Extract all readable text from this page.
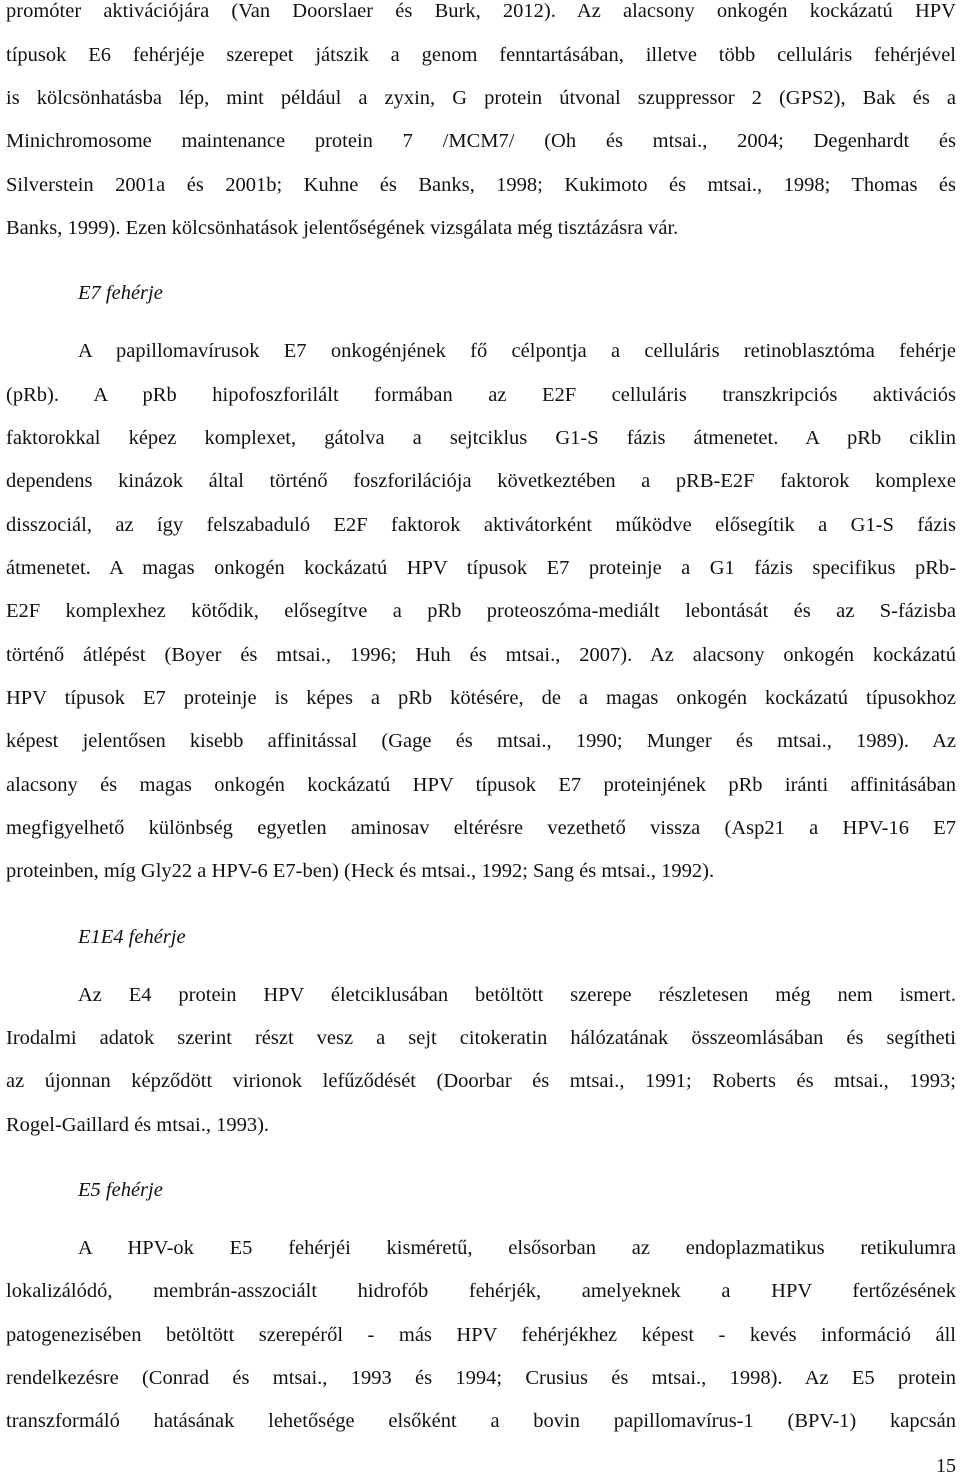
promóter aktivációjára (Van Doorslaer és Burk, 2012). Az alacsony onkogén kockázatú HPV
típusok E6 fehérjéje szerepet játszik a genom fenntartásában, illetve több celluláris fehérjével
is kölcsönhatásba lép, mint például a zyxin, G protein útvonal szuppressor 2 (GPS2), Bak és a
Minichromosome maintenance protein 7 /MCM7/ (Oh és mtsai., 2004; Degenhardt és
Silverstein 2001a és 2001b; Kuhne és Banks, 1998; Kukimoto és mtsai., 1998; Thomas és
Banks, 1999). Ezen kölcsönhatások jelentőségének vizsgálata még tisztázásra vár.
E7 fehérje
A papillomavírusok E7 onkogénjének fő célpontja a celluláris retinoblasztóma fehérje
(pRb). A pRb hipofoszforilált formában az E2F celluláris transzkripciós aktivációs
faktorokkal képez komplexet, gátolva a sejtciklus G1-S fázis átmenetet. A pRb ciklin
dependens kinázok által történő foszforilációja következtében a pRB-E2F faktorok komplexe
disszociál, az így felszabaduló E2F faktorok aktivátorként működve elősegítik a G1-S fázis
átmenetet. A magas onkogén kockázatú HPV típusok E7 proteinje a G1 fázis specifikus pRb-
E2F komplexhez kötődik, elősegítve a pRb proteoszóma-mediált lebontását és az S-fázisba
történő átlépést (Boyer és mtsai., 1996; Huh és mtsai., 2007). Az alacsony onkogén kockázatú
HPV típusok E7 proteinje is képes a pRb kötésére, de a magas onkogén kockázatú típusokhoz
képest jelentősen kisebb affinitással (Gage és mtsai., 1990; Munger és mtsai., 1989). Az
alacsony és magas onkogén kockázatú HPV típusok E7 proteinjének pRb iránti affinitásában
megfigyelhető különbség egyetlen aminosav eltérésre vezethető vissza (Asp21 a HPV-16 E7
proteinben, míg Gly22 a HPV-6 E7-ben) (Heck és mtsai., 1992; Sang és mtsai., 1992).
E1E4 fehérje
Az E4 protein HPV életciklusában betöltött szerepe részletesen még nem ismert.
Irodalmi adatok szerint részt vesz a sejt citokeratin hálózatának összeomlásában és segítheti
az újonnan képződött virionok lefűződését (Doorbar és mtsai., 1991; Roberts és mtsai., 1993;
Rogel-Gaillard és mtsai., 1993).
E5 fehérje
A HPV-ok E5 fehérjéi kisméretű, elsősorban az endoplazmatikus retikulumra
lokalizálódó, membrán-asszociált hidrofób fehérjék, amelyeknek a HPV fertőzésének
patogenezisében betöltött szerepéről - más HPV fehérjékhez képest - kevés információ áll
rendelkezésre (Conrad és mtsai., 1993 és 1994; Crusius és mtsai., 1998). Az E5 protein
transzformáló hatásának lehetősége elsőként a bovin papillomavírus-1 (BPV-1) kapcsán
15
